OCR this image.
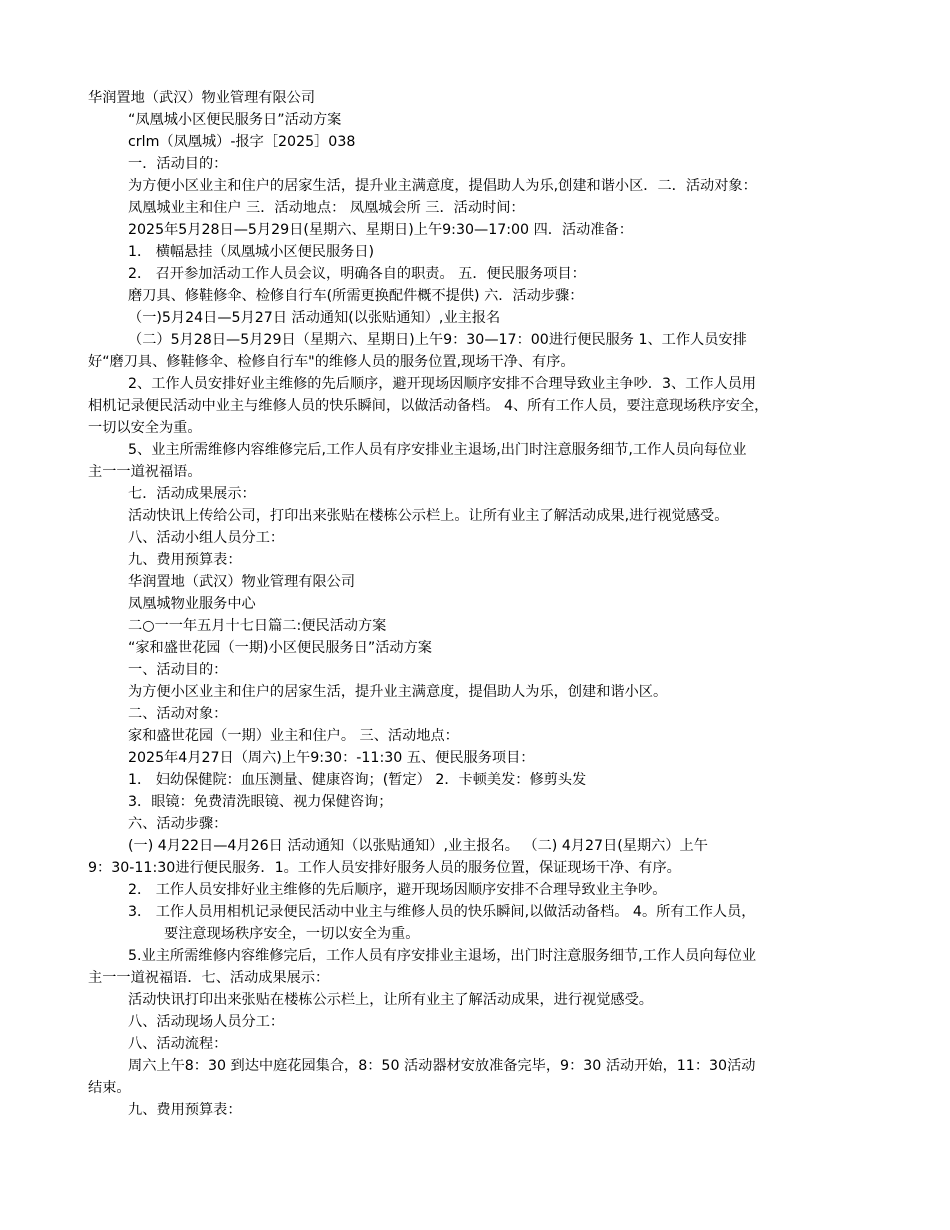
华润置地（武汉）物业管理有限公司
“凤凰城小区便民服务日”活动方案
crlm（凤凰城）-报字［2025］038
一．活动目的：
为方便小区业主和住户的居家生活，提升业主满意度，提倡助人为乐,创建和谐小区．二．活动对象：
凤凰城业主和住户 三．活动地点： 凤凰城会所 三．活动时间：
2025年5月28日—5月29日(星期六、星期日)上午9:30—17:00 四．活动准备：
1． 横幅悬挂（凤凰城小区便民服务日)
2． 召开参加活动工作人员会议，明确各自的职责。 五．便民服务项目：
磨刀具、修鞋修伞、检修自行车(所需更换配件概不提供) 六．活动步骤：
（一)5月24日—5月27日 活动通知(以张贴通知）,业主报名
（二）5月28日—5月29日（星期六、星期日)上午9：30—17：00进行便民服务 1、工作人员安排
好“磨刀具、修鞋修伞、检修自行车"的维修人员的服务位置,现场干净、有序。
2、工作人员安排好业主维修的先后顺序，避开现场因顺序安排不合理导致业主争吵．3、工作人员用
相机记录便民活动中业主与维修人员的快乐瞬间，以做活动备档。 4、所有工作人员，要注意现场秩序安全，
一切以安全为重。
5、业主所需维修内容维修完后,工作人员有序安排业主退场,出门时注意服务细节,工作人员向每位业
主一一道祝福语。
七．活动成果展示：
活动快讯上传给公司，打印出来张贴在楼栋公示栏上。让所有业主了解活动成果,进行视觉感受。
八、活动小组人员分工：
九、费用预算表：
华润置地（武汉）物业管理有限公司
凤凰城物业服务中心
二○一一年五月十七日篇二:便民活动方案
“家和盛世花园（一期)小区便民服务日”活动方案
一、活动目的：
为方便小区业主和住户的居家生活，提升业主满意度，提倡助人为乐，创建和谐小区。
二、活动对象：
家和盛世花园（一期）业主和住户。 三、活动地点：
2025年4月27日（周六)上午9:30：-11:30 五、便民服务项目：
1． 妇幼保健院：血压测量、健康咨询；(暂定） 2．卡顿美发：修剪头发
3．眼镜：免费清洗眼镜、视力保健咨询；
六、活动步骤：
(一) 4月22日—4月26日 活动通知（以张贴通知）,业主报名。 （二) 4月27日(星期六）上午
9：30-11:30进行便民服务．1。工作人员安排好服务人员的服务位置，保证现场干净、有序。
2． 工作人员安排好业主维修的先后顺序，避开现场因顺序安排不合理导致业主争吵。
3． 工作人员用相机记录便民活动中业主与维修人员的快乐瞬间,以做活动备档。 4。所有工作人员，
要注意现场秩序安全，一切以安全为重。
5.业主所需维修内容维修完后，工作人员有序安排业主退场，出门时注意服务细节,工作人员向每位业
主一一道祝福语．七、活动成果展示：
活动快讯打印出来张贴在楼栋公示栏上，让所有业主了解活动成果，进行视觉感受。
八、活动现场人员分工：
八、活动流程：
周六上午8：30 到达中庭花园集合，8：50 活动器材安放准备完毕，9：30 活动开始，11：30活动
结束。
九、费用预算表：
